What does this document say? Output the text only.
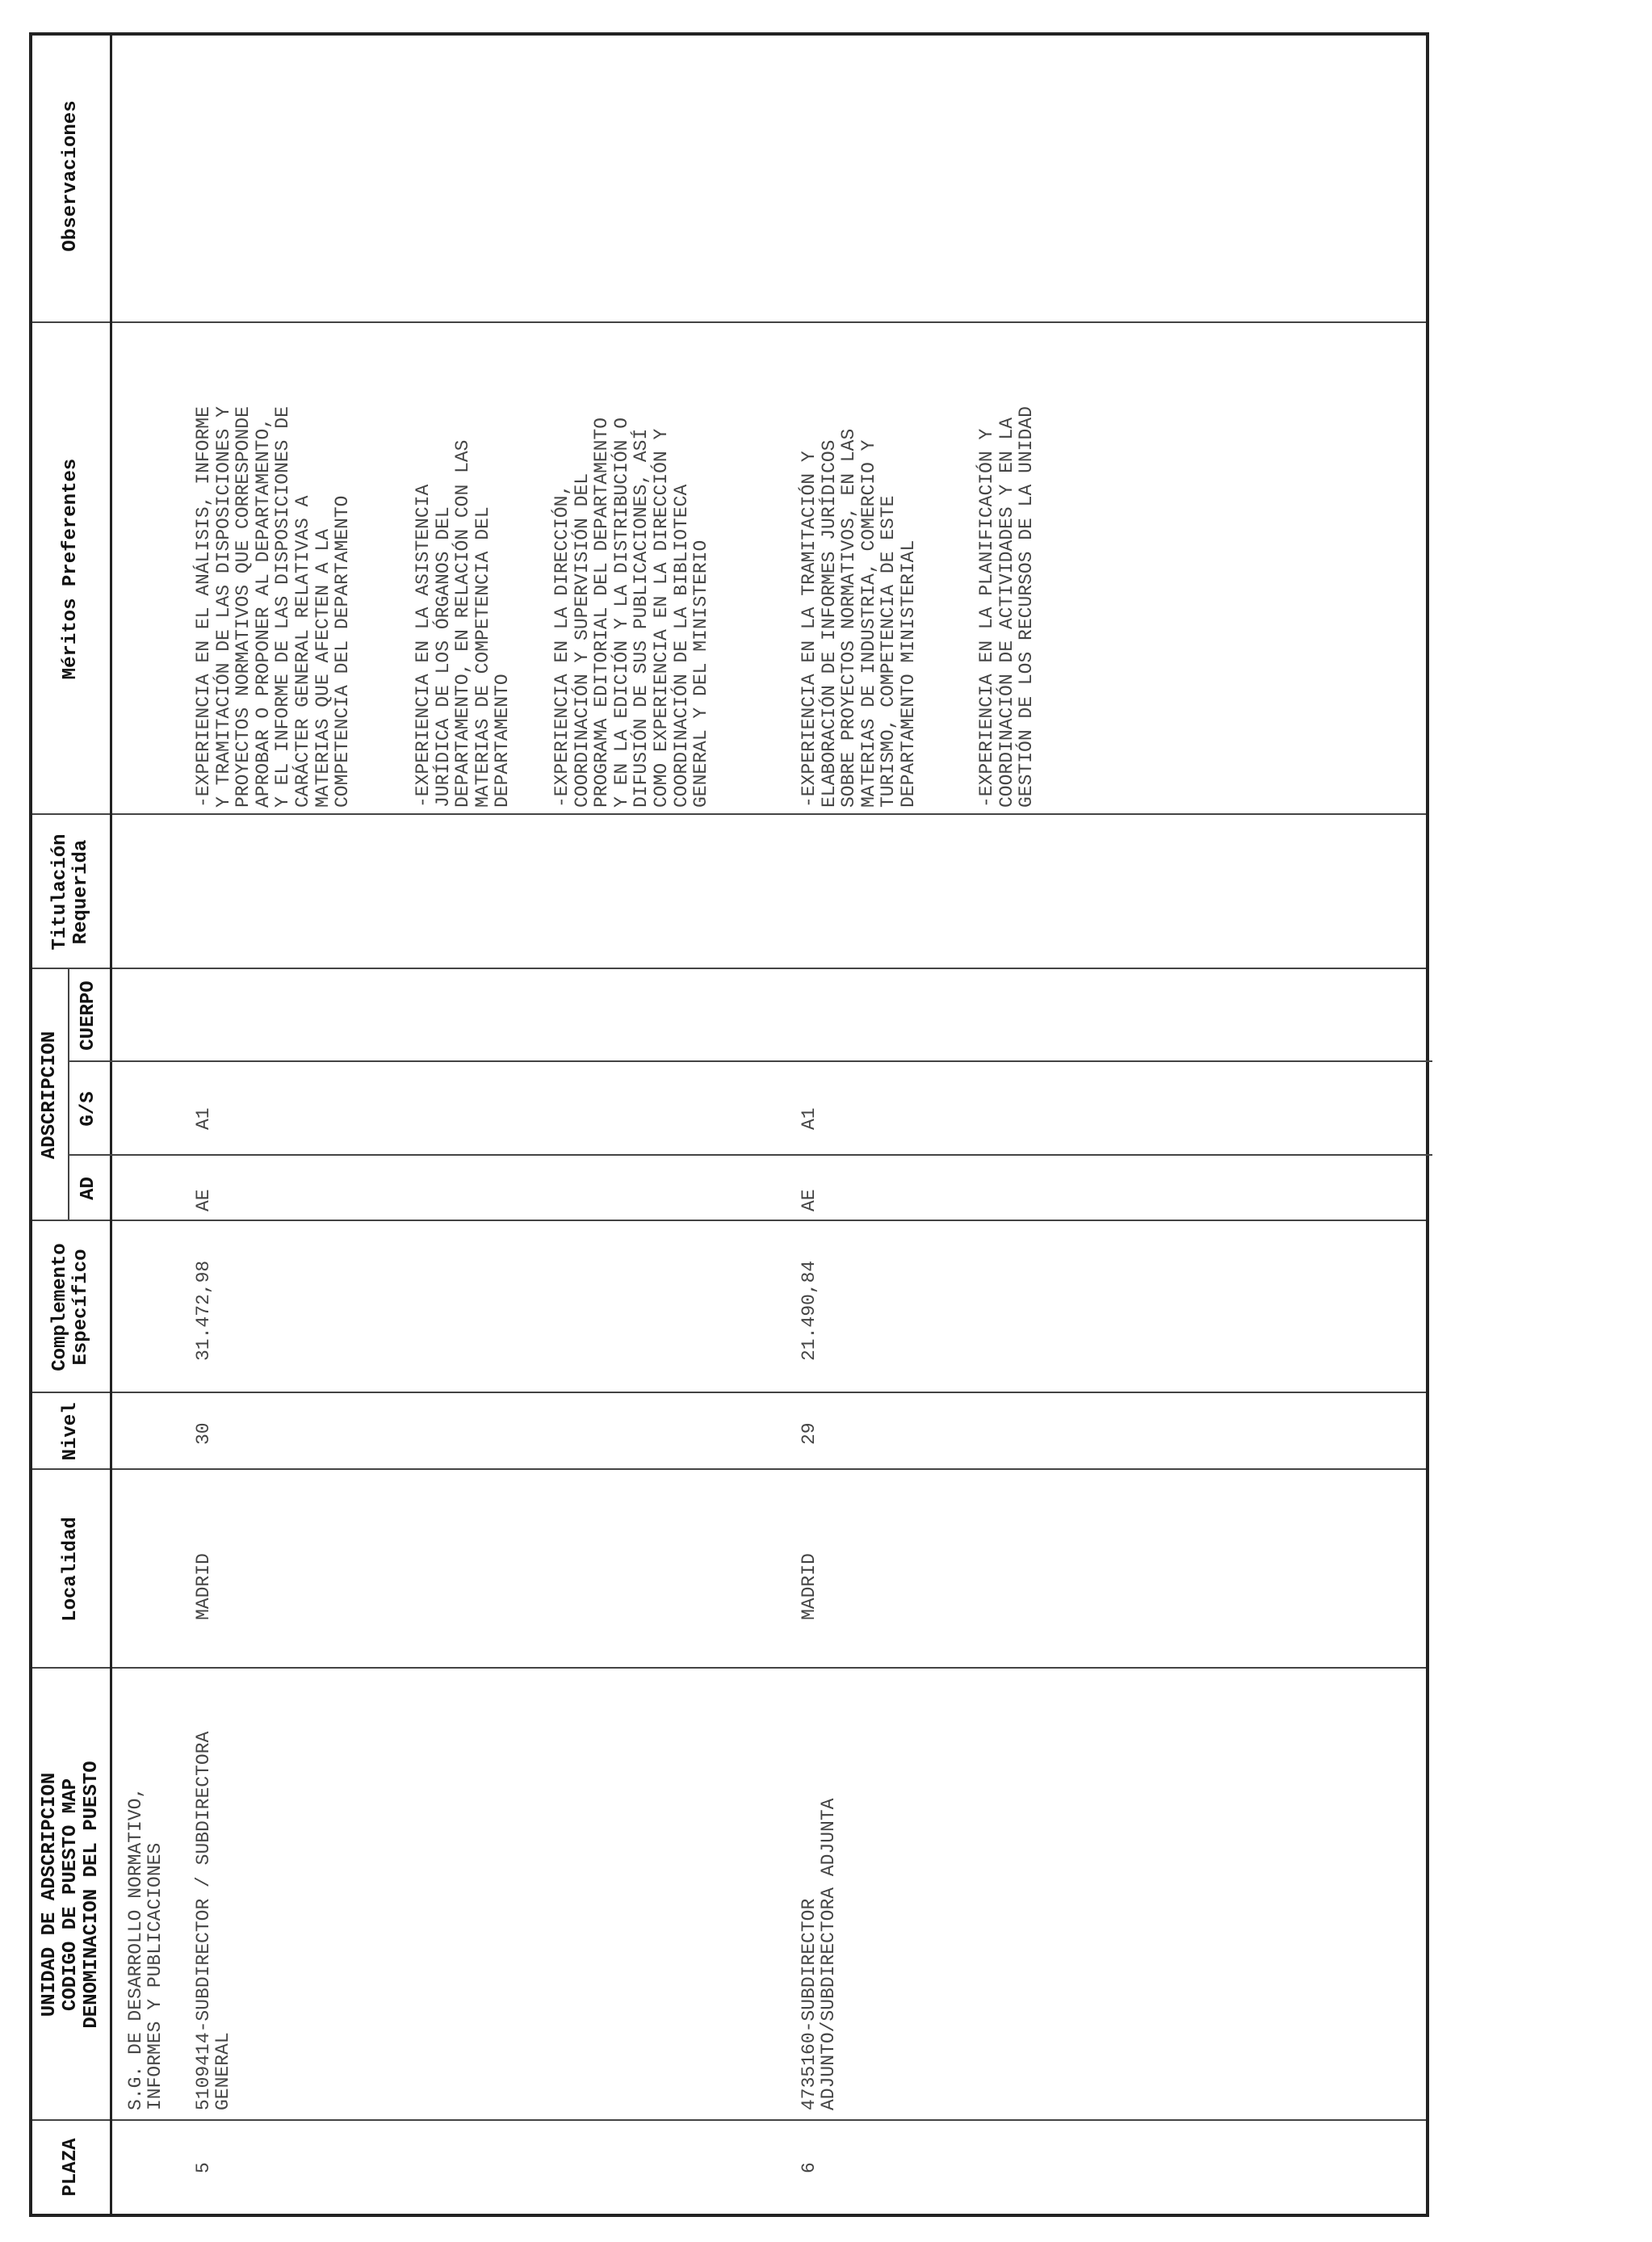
PLAZA
UNIDAD DE ADSCRIPCION
CODIGO DE PUESTO MAP
DENOMINACION DEL PUESTO
Localidad
Nivel
Complemento
Específico
ADSCRIPCION
AD
G/S
CUERPO
Titulación
Requerida
Méritos Preferentes
Observaciones
S.G. DE DESARROLLO NORMATIVO,
INFORMES Y PUBLICACIONES
5
5109414-SUBDIRECTOR / SUBDIRECTORA
GENERAL
MADRID
30
31.472,98
AE
A1
-EXPERIENCIA EN EL ANÁLISIS, INFORME
Y TRAMITACIÓN DE LAS DISPOSICIONES Y
PROYECTOS NORMATIVOS QUE CORRESPONDE
APROBAR O PROPONER AL DEPARTAMENTO,
Y EL INFORME DE LAS DISPOSICIONES DE
CARÁCTER GENERAL RELATIVAS A
MATERIAS QUE AFECTEN A LA
COMPETENCIA DEL DEPARTAMENTO
-EXPERIENCIA EN LA ASISTENCIA
JURÍDICA DE LOS ÓRGANOS DEL
DEPARTAMENTO, EN RELACIÓN CON LAS
MATERIAS DE COMPETENCIA DEL
DEPARTAMENTO -EXPERIENCIA EN LA DIRECCIÓN,
COORDINACIÓN Y SUPERVISIÓN DEL
PROGRAMA EDITORIAL DEL DEPARTAMENTO
Y EN LA EDICIÓN Y LA DISTRIBUCIÓN O
DIFUSIÓN DE SUS PUBLICACIONES, ASÍ
COMO EXPERIENCIA EN LA DIRECCIÓN Y
COORDINACIÓN DE LA BIBLIOTECA
GENERAL Y DEL MINISTERIO
6
4735160-SUBDIRECTOR
ADJUNTO/SUBDIRECTORA ADJUNTA
MADRID
29
21.490,84
AE
A1
-EXPERIENCIA EN LA TRAMITACIÓN Y
ELABORACIÓN DE INFORMES JURÍDICOS
SOBRE PROYECTOS NORMATIVOS, EN LAS
MATERIAS DE INDUSTRIA, COMERCIO Y
TURISMO, COMPETENCIA DE ESTE
DEPARTAMENTO MINISTERIAL
-EXPERIENCIA EN LA PLANIFICACIÓN Y
COORDINACIÓN DE ACTIVIDADES Y EN LA
GESTIÓN DE LOS RECURSOS DE LA UNIDAD
